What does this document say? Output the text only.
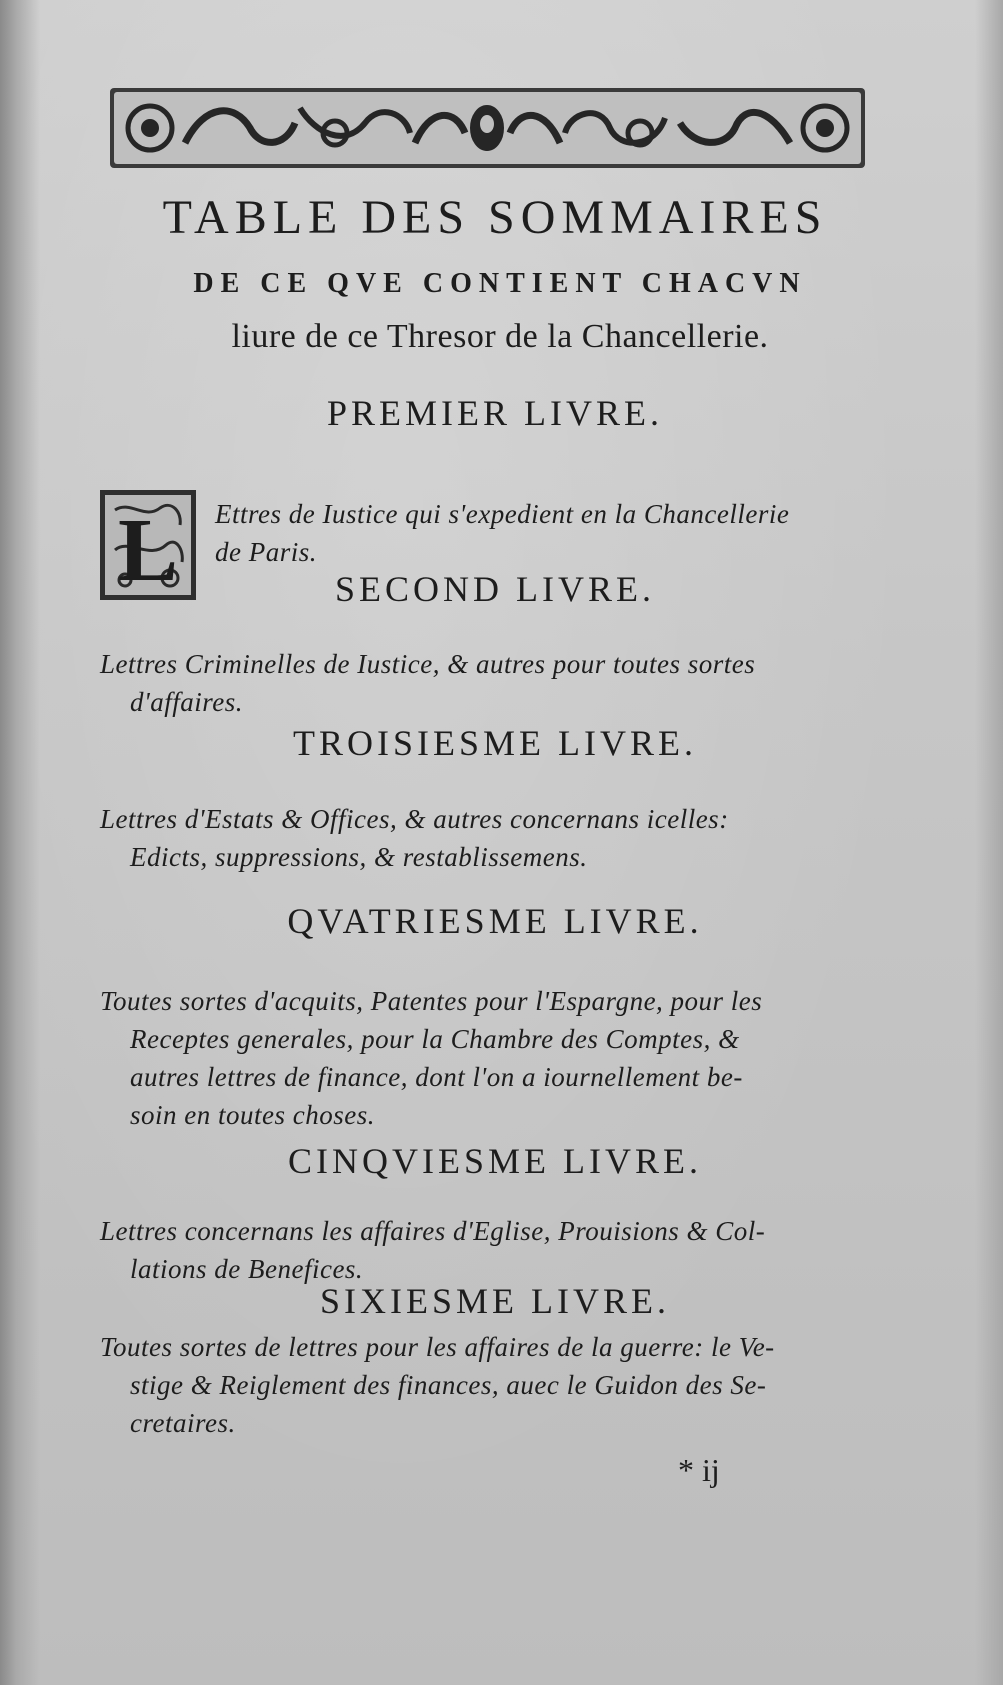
TABLE DES SOMMAIRES
DE CE QVE CONTIENT CHACVN
liure de ce Thresor de la Chancellerie.
PREMIER LIVRE.
L Ettres de Iustice qui s'expedient en la Chancellerie
de Paris.
SECOND LIVRE.
Lettres Criminelles de Iustice, & autres pour toutes sortes
d'affaires.
TROISIESME LIVRE.
Lettres d'Estats & Offices, & autres concernans icelles:
Edicts, suppressions, & restablissemens.
QVATRIESME LIVRE.
Toutes sortes d'acquits, Patentes pour l'Espargne, pour les
Receptes generales, pour la Chambre des Comptes, &
autres lettres de finance, dont l'on a iournellement be-
soin en toutes choses.
CINQVIESME LIVRE.
Lettres concernans les affaires d'Eglise, Prouisions & Col-
lations de Benefices.
SIXIESME LIVRE.
Toutes sortes de lettres pour les affaires de la guerre: le Ve-
stige & Reiglement des finances, auec le Guidon des Se-
cretaires.
* ij
